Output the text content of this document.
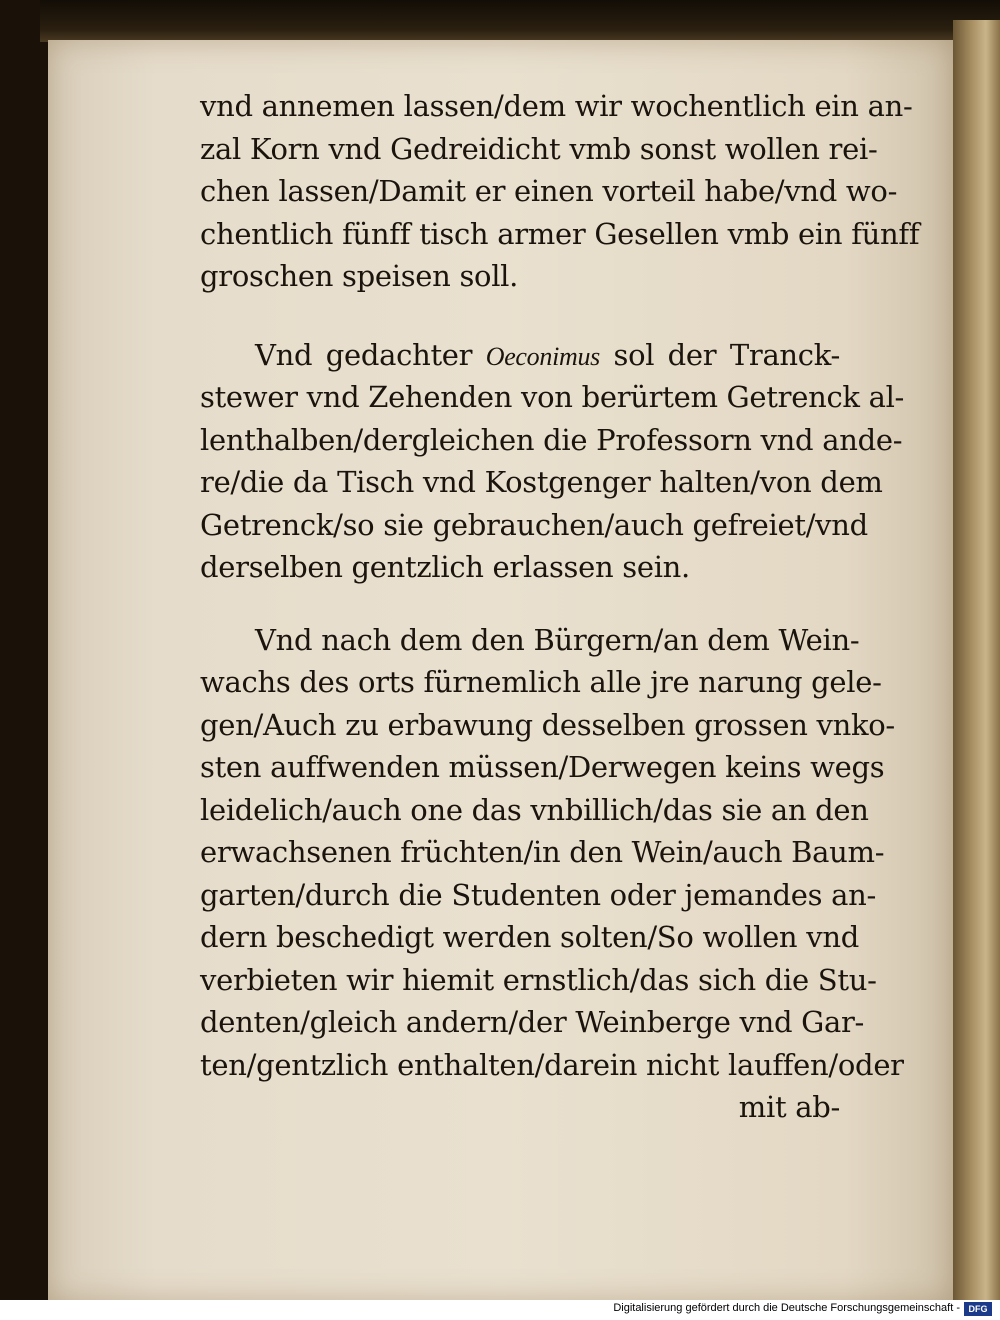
vnd annemen lassen/dem wir wochentlich ein an-
zal Korn vnd Gedreidicht vmb sonst wollen rei-
chen lassen/Damit er einen vorteil habe/vnd wo-
chentlich fünff tisch armer Gesellen vmb ein fünff
groschen speisen soll.
Vnd gedachter Oeconimus sol der Tranck-
stewer vnd Zehenden von berürtem Getrenck al-
lenthalben/dergleichen die Professorn vnd ande-
re/die da Tisch vnd Kostgenger halten/von dem
Getrenck/so sie gebrauchen/auch gefreiet/vnd
derselben gentzlich erlassen sein.
Vnd nach dem den Bürgern/an dem Wein-
wachs des orts fürnemlich alle jre narung gele-
gen/Auch zu erbawung desselben grossen vnko-
sten auffwenden müssen/Derwegen keins wegs
leidelich/auch one das vnbillich/das sie an den
erwachsenen früchten/in den Wein/auch Baum-
garten/durch die Studenten oder jemandes an-
dern beschedigt werden solten/So wollen vnd
verbieten wir hiemit ernstlich/das sich die Stu-
denten/gleich andern/der Weinberge vnd Gar-
ten/gentzlich enthalten/darein nicht lauffen/oder
mit ab-
Digitalisierung gefördert durch die Deutsche Forschungsgemeinschaft - DFG
